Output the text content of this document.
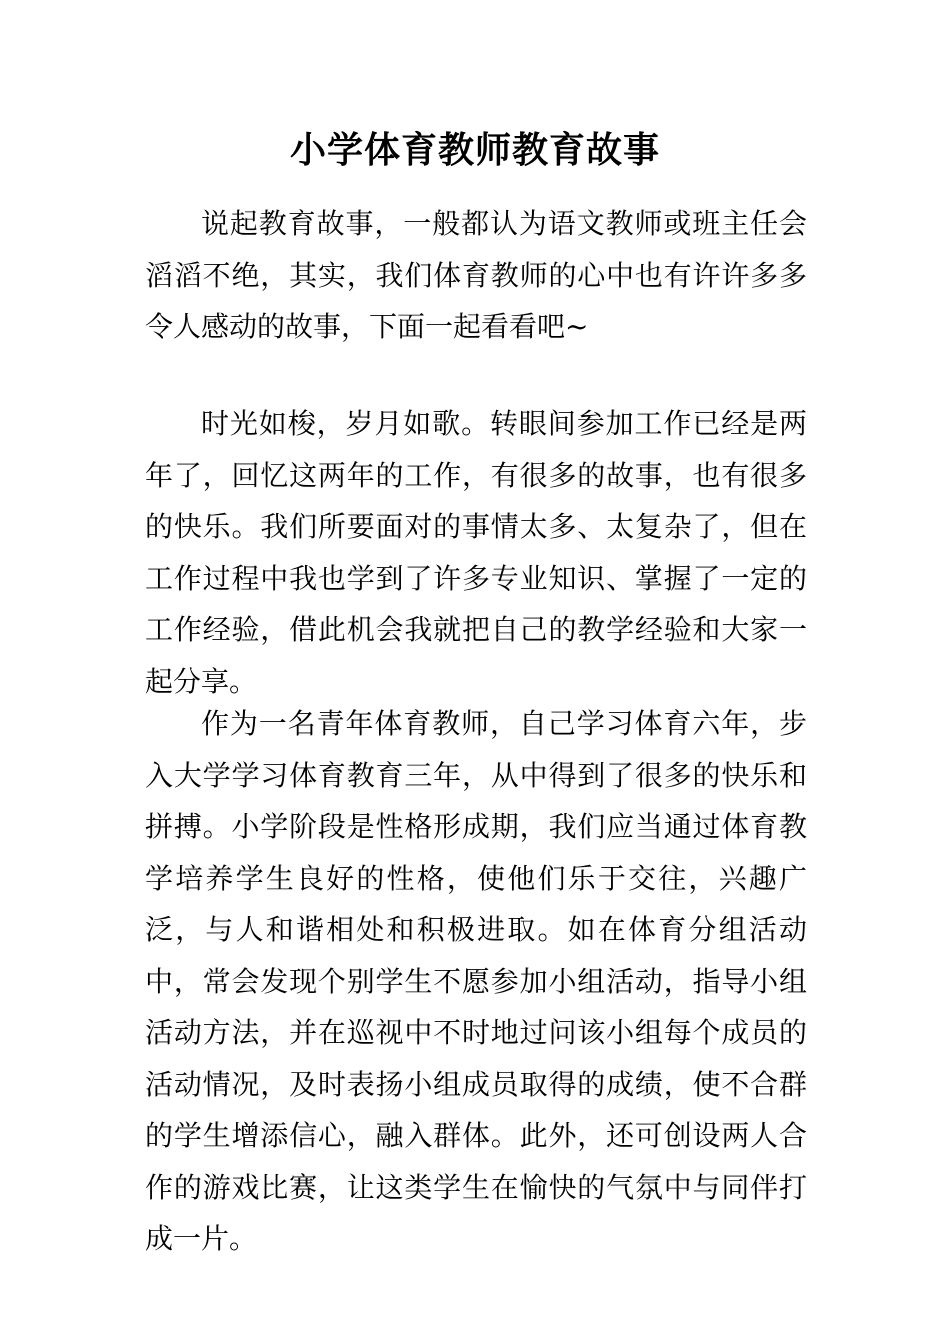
小学体育教师教育故事

说起教育故事，一般都认为语文教师或班主任会滔滔不绝，其实，我们体育教师的心中也有许许多多令人感动的故事，下面一起看看吧~

时光如梭，岁月如歌。转眼间参加工作已经是两年了，回忆这两年的工作，有很多的故事，也有很多的快乐。我们所要面对的事情太多、太复杂了，但在工作过程中我也学到了许多专业知识、掌握了一定的工作经验，借此机会我就把自己的教学经验和大家一起分享。

作为一名青年体育教师，自己学习体育六年，步入大学学习体育教育三年，从中得到了很多的快乐和拼搏。小学阶段是性格形成期，我们应当通过体育教学培养学生良好的性格，使他们乐于交往，兴趣广泛，与人和谐相处和积极进取。如在体育分组活动中，常会发现个别学生不愿参加小组活动，指导小组活动方法，并在巡视中不时地过问该小组每个成员的活动情况，及时表扬小组成员取得的成绩，使不合群的学生增添信心，融入群体。此外，还可创设两人合作的游戏比赛，让这类学生在愉快的气氛中与同伴打成一片。
